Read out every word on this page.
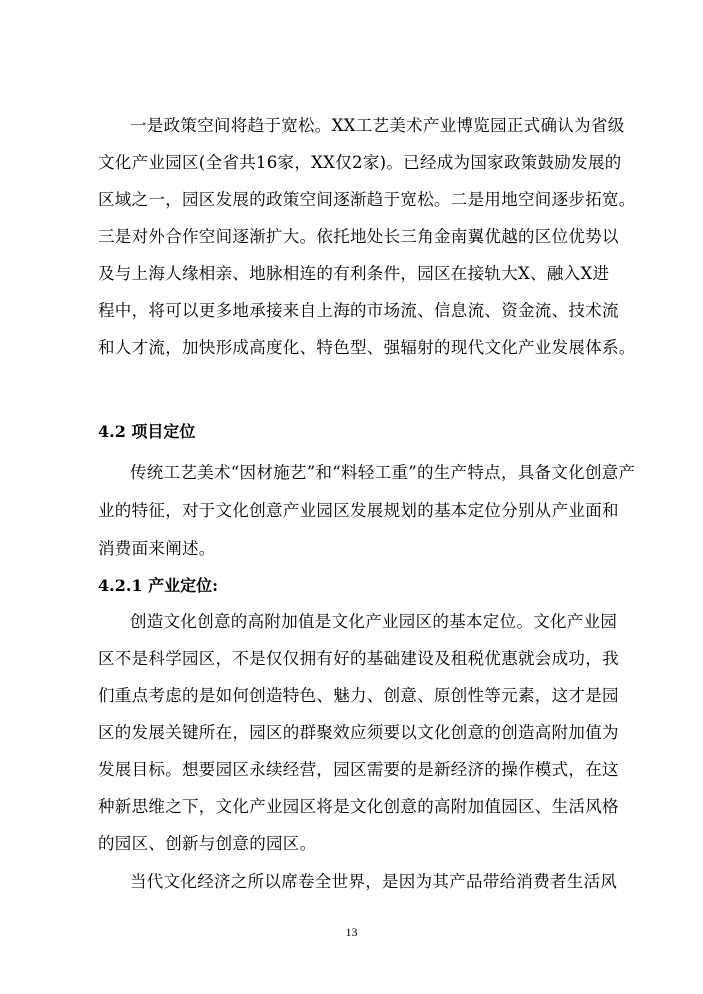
一是政策空间将趋于宽松。XX工艺美术产业博览园正式确认为省级

文化产业园区(全省共16家，XX仅2家)。已经成为国家政策鼓励发展的

区域之一，园区发展的政策空间逐渐趋于宽松。二是用地空间逐步拓宽。

三是对外合作空间逐渐扩大。依托地处长三角金南翼优越的区位优势以

及与上海人缘相亲、地脉相连的有利条件，园区在接轨大X、融入X进

程中，将可以更多地承接来自上海的市场流、信息流、资金流、技术流

和人才流，加快形成高度化、特色型、强辐射的现代文化产业发展体系。

4.2 项目定位

传统工艺美术“因材施艺”和“料轻工重”的生产特点，具备文化创意产

业的特征，对于文化创意产业园区发展规划的基本定位分别从产业面和

消费面来阐述。

4.2.1 产业定位:

创造文化创意的高附加值是文化产业园区的基本定位。文化产业园

区不是科学园区，不是仅仅拥有好的基础建设及租税优惠就会成功，我

们重点考虑的是如何创造特色、魅力、创意、原创性等元素，这才是园

区的发展关键所在，园区的群聚效应须要以文化创意的创造高附加值为

发展目标。想要园区永续经营，园区需要的是新经济的操作模式，在这

种新思维之下，文化产业园区将是文化创意的高附加值园区、生活风格

的园区、创新与创意的园区。

当代文化经济之所以席卷全世界，是因为其产品带给消费者生活风

13
